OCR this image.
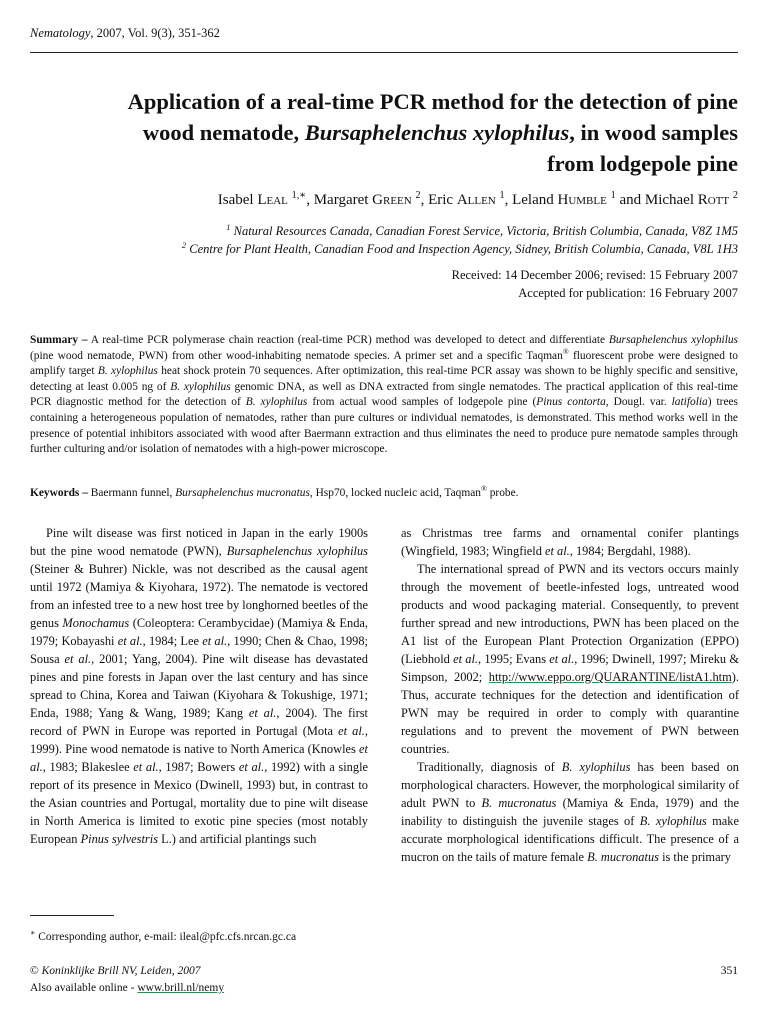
Nematology, 2007, Vol. 9(3), 351-362
Application of a real-time PCR method for the detection of pine
wood nematode, Bursaphelenchus xylophilus, in wood samples
from lodgepole pine
Isabel Leal $^{1,∗}$, Margaret Green $^2$, Eric Allen $^1$, Leland Humble $^1$ and Michael Rott $^2$
$^1$ Natural Resources Canada, Canadian Forest Service, Victoria, British Columbia, Canada, V8Z 1M5
$^2$ Centre for Plant Health, Canadian Food and Inspection Agency, Sidney, British Columbia, Canada, V8L 1H3
Received: 14 December 2006; revised: 15 February 2007
Accepted for publication: 16 February 2007
Summary – A real-time PCR polymerase chain reaction (real-time PCR) method was developed to detect and differentiate Bursaphelenchus xylophilus (pine wood nematode, PWN) from other wood-inhabiting nematode species. A primer set and a specific Taqman® fluorescent probe were designed to amplify target B. xylophilus heat shock protein 70 sequences. After optimization, this real-time PCR assay was shown to be highly specific and sensitive, detecting at least 0.005 ng of B. xylophilus genomic DNA, as well as DNA extracted from single nematodes. The practical application of this real-time PCR diagnostic method for the detection of B. xylophilus from actual wood samples of lodgepole pine (Pinus contorta, Dougl. var. latifolia) trees containing a heterogeneous population of nematodes, rather than pure cultures or individual nematodes, is demonstrated. This method works well in the presence of potential inhibitors associated with wood after Baermann extraction and thus eliminates the need to produce pure nematode samples through further culturing and/or isolation of nematodes with a high-power microscope.
Keywords – Baermann funnel, Bursaphelenchus mucronatus, Hsp70, locked nucleic acid, Taqman® probe.

Pine wilt disease was first noticed in Japan in the early 1900s but the pine wood nematode (PWN), Bursaphelenchus xylophilus (Steiner & Buhrer) Nickle, was not described as the causal agent until 1972 (Mamiya & Kiyohara, 1972). The nematode is vectored from an infested tree to a new host tree by longhorned beetles of the genus Monochamus (Coleoptera: Cerambycidae) (Mamiya & Enda, 1979; Kobayashi et al., 1984; Lee et al., 1990; Chen & Chao, 1998; Sousa et al., 2001; Yang, 2004). Pine wilt disease has devastated pines and pine forests in Japan over the last century and has since spread to China, Korea and Taiwan (Kiyohara & Tokushige, 1971; Enda, 1988; Yang & Wang, 1989; Kang et al., 2004). The first record of PWN in Europe was reported in Portugal (Mota et al., 1999). Pine wood nematode is native to North America (Knowles et al., 1983; Blakeslee et al., 1987; Bowers et al., 1992) with a single report of its presence in Mexico (Dwinell, 1993) but, in contrast to the Asian countries and Portugal, mortality due to pine wilt disease in North America is limited to exotic pine species (most notably European Pinus sylvestris L.) and artificial plantings such

as Christmas tree farms and ornamental conifer plantings (Wingfield, 1983; Wingfield et al., 1984; Bergdahl, 1988).

The international spread of PWN and its vectors occurs mainly through the movement of beetle-infested logs, untreated wood products and wood packaging material. Consequently, to prevent further spread and new introductions, PWN has been placed on the A1 list of the European Plant Protection Organization (EPPO) (Liebhold et al., 1995; Evans et al., 1996; Dwinell, 1997; Mireku & Simpson, 2002; http://www.eppo.org/QUARANTINE/listA1.htm). Thus, accurate techniques for the detection and identification of PWN may be required in order to comply with quarantine regulations and to prevent the movement of PWN between countries.

Traditionally, diagnosis of B. xylophilus has been based on morphological characters. However, the morphological similarity of adult PWN to B. mucronatus (Mamiya & Enda, 1979) and the inability to distinguish the juvenile stages of B. xylophilus make accurate morphological identifications difficult. The presence of a mucron on the tails of mature female B. mucronatus is the primary

∗ Corresponding author, e-mail: ileal@pfc.cfs.nrcan.gc.ca
© Koninklijke Brill NV, Leiden, 2007
Also available online - www.brill.nl/nemy
351
